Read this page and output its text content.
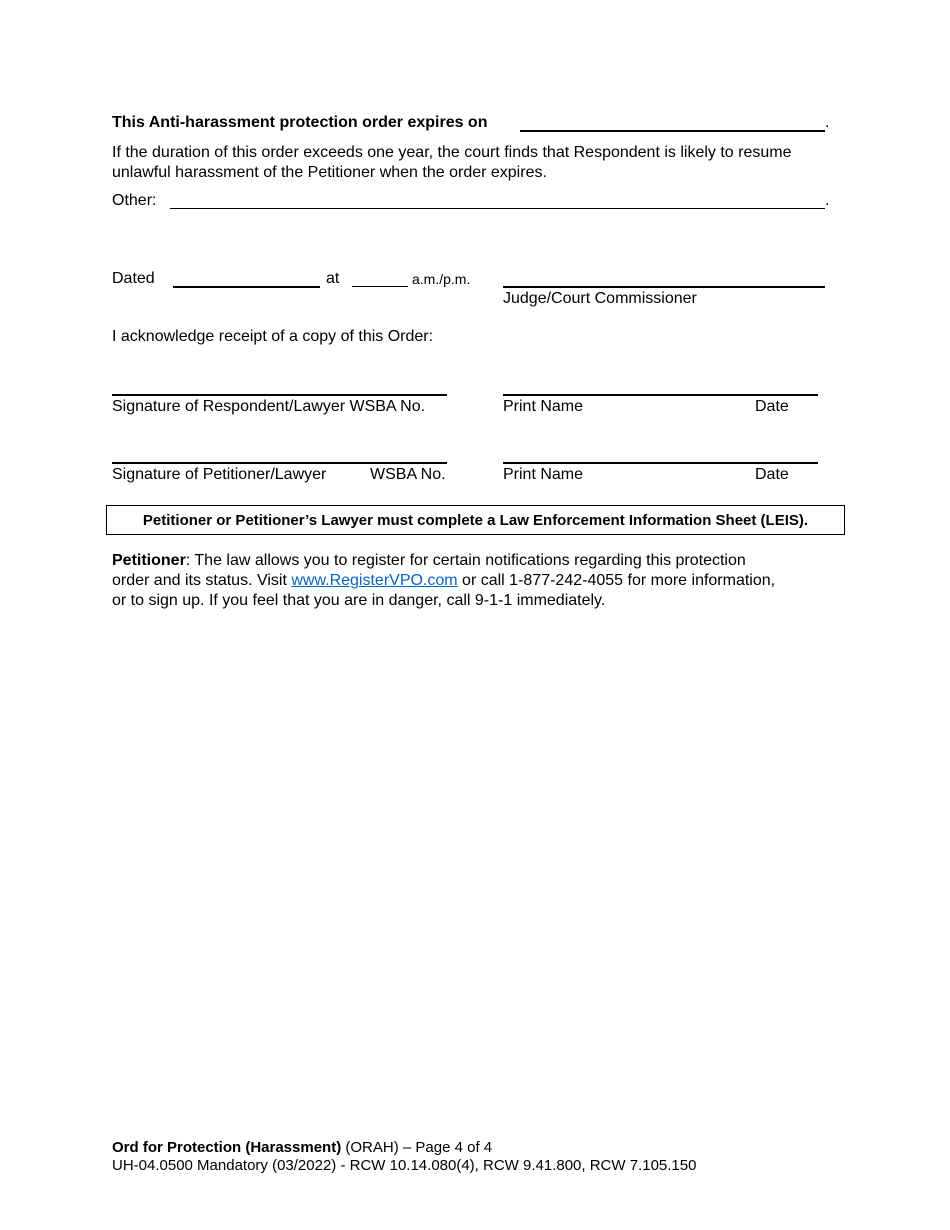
This Anti-harassment protection order expires on	.
If the duration of this order exceeds one year, the court finds that Respondent is likely to resume
unlawful harassment of the Petitioner when the order expires.
Other:	.
Dated	at	a.m./p.m.
Judge/Court Commissioner
I acknowledge receipt of a copy of this Order:
Signature of Respondent/Lawyer WSBA No.	Print Name	Date
Signature of Petitioner/Lawyer	WSBA No.	Print Name	Date
Petitioner or Petitioner’s Lawyer must complete a Law Enforcement Information Sheet (LEIS).
Petitioner: The law allows you to register for certain notifications regarding this protection
order and its status. Visit www.RegisterVPO.com or call 1-877-242-4055 for more information,
or to sign up. If you feel that you are in danger, call 9-1-1 immediately.
Ord for Protection (Harassment) (ORAH) – Page 4 of 4
UH-04.0500 Mandatory (03/2022) - RCW 10.14.080(4), RCW 9.41.800, RCW 7.105.150
